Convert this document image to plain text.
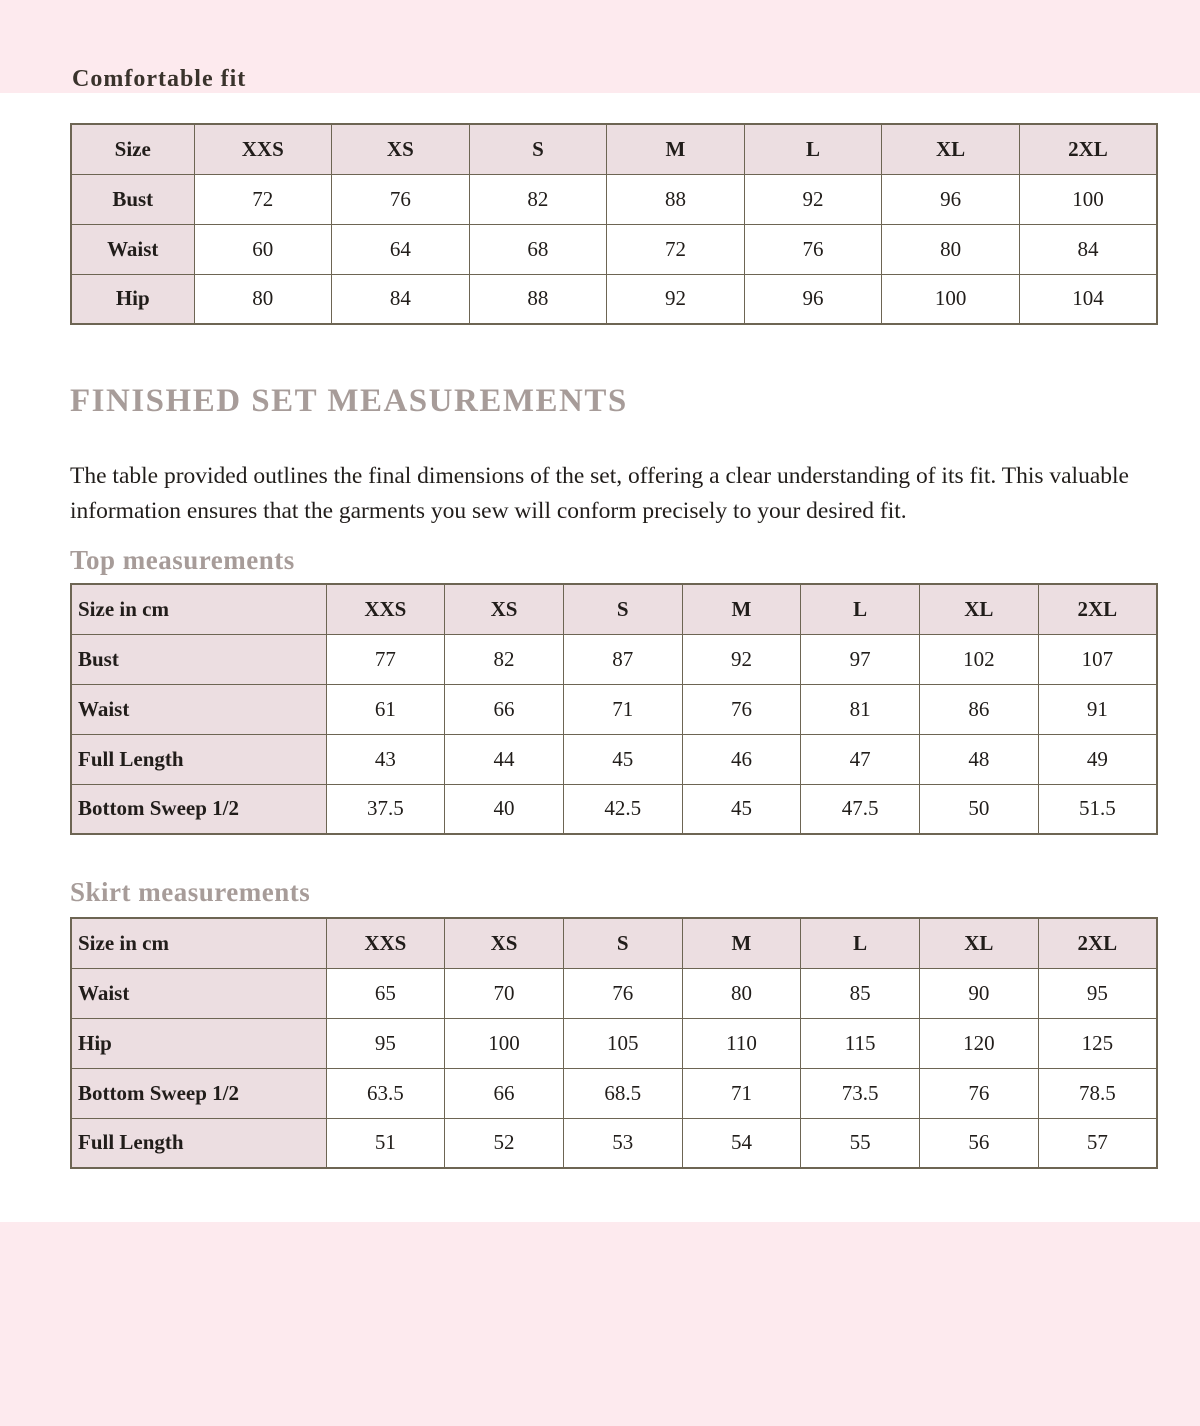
Comfortable fit
Size	XXS	XS	S	M	L	XL	2XL
Bust	72	76	82	88	92	96	100
Waist	60	64	68	72	76	80	84
Hip	80	84	88	92	96	100	104
FINISHED SET MEASUREMENTS

The table provided outlines the final dimensions of the set, offering a clear understanding of its fit. This valuable information ensures that the garments you sew will conform precisely to your desired fit.

Top measurements
Size in cm	XXS	XS	S	M	L	XL	2XL
Bust	77	82	87	92	97	102	107
Waist	61	66	71	76	81	86	91
Full Length	43	44	45	46	47	48	49
Bottom Sweep 1/2	37.5	40	42.5	45	47.5	50	51.5
Skirt measurements
Size in cm	XXS	XS	S	M	L	XL	2XL
Waist	65	70	76	80	85	90	95
Hip	95	100	105	110	115	120	125
Bottom Sweep 1/2	63.5	66	68.5	71	73.5	76	78.5
Full Length	51	52	53	54	55	56	57
